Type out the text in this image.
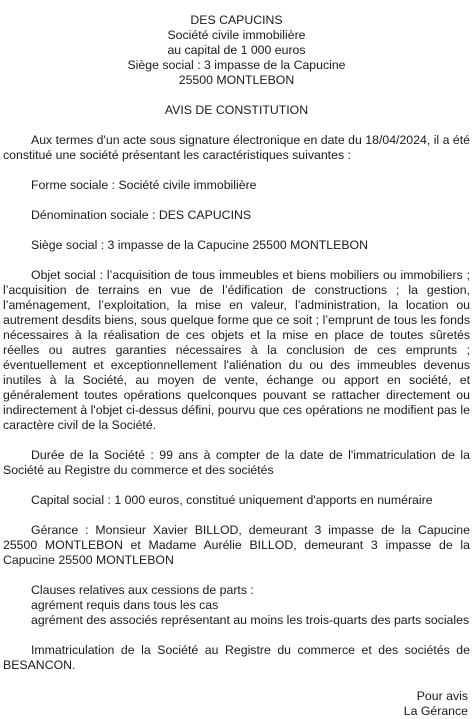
DES CAPUCINS
Société civile immobilière
au capital de 1 000 euros
Siège social : 3 impasse de la Capucine
25500 MONTLEBON
AVIS DE CONSTITUTION

Aux termes d'un acte sous signature électronique en date du 18/04/2024, il a été constitué une société présentant les caractéristiques suivantes :

Forme sociale : Société civile immobilière

Dénomination sociale : DES CAPUCINS

Siège social : 3 impasse de la Capucine 25500 MONTLEBON

Objet social : l’acquisition de tous immeubles et biens mobiliers ou immobiliers ; l’acquisition de terrains en vue de l’édification de constructions ; la gestion, l’aménagement, l’exploitation, la mise en valeur, l’administration, la location ou autrement desdits biens, sous quelque forme que ce soit ; l’emprunt de tous les fonds nécessaires à la réalisation de ces objets et la mise en place de toutes sûretés réelles ou autres garanties nécessaires à la conclusion de ces emprunts ; éventuellement et exceptionnellement l'aliénation du ou des immeubles devenus inutiles à la Société, au moyen de vente, échange ou apport en société, et généralement toutes opérations quelconques pouvant se rattacher directement ou indirectement à l'objet ci-dessus défini, pourvu que ces opérations ne modifient pas le caractère civil de la Société.

Durée de la Société : 99 ans à compter de la date de l'immatriculation de la Société au Registre du commerce et des sociétés

Capital social : 1 000 euros, constitué uniquement d'apports en numéraire

Gérance : Monsieur Xavier BILLOD, demeurant 3 impasse de la Capucine 25500 MONTLEBON et Madame Aurélie BILLOD, demeurant 3 impasse de la Capucine 25500 MONTLEBON

Clauses relatives aux cessions de parts :
agrément requis dans tous les cas
agrément des associés représentant au moins les trois-quarts des parts sociales

Immatriculation de la Société au Registre du commerce et des sociétés de BESANCON.

Pour avis
La Gérance
